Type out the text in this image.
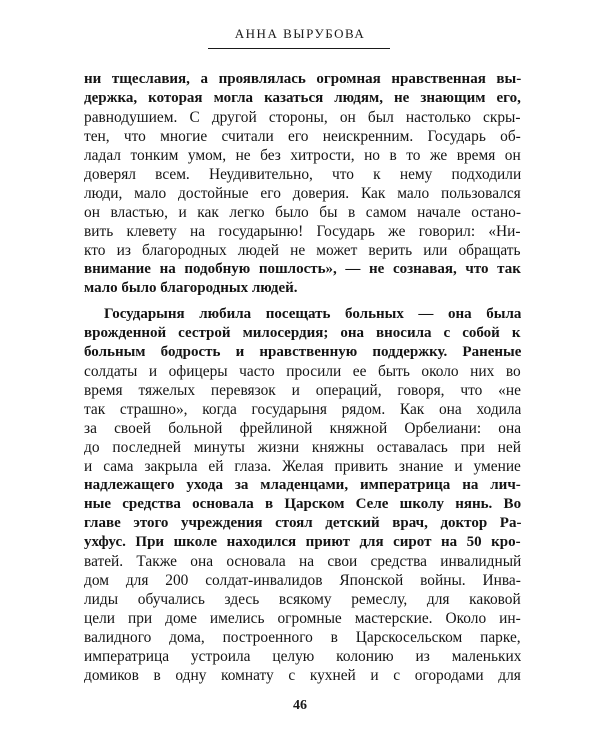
АННА ВЫРУБОВА
ни тщеславия, а проявлялась огромная нравственная вы-
держка, которая могла казаться людям, не знающим его,
равнодушием. С другой стороны, он был настолько скры-
тен, что многие считали его неискренним. Государь об-
ладал тонким умом, не без хитрости, но в то же время он
доверял всем. Неудивительно, что к нему подходили
люди, мало достойные его доверия. Как мало пользовался
он властью, и как легко было бы в самом начале остано-
вить клевету на государыню! Государь же говорил: «Ни-
кто из благородных людей не может верить или обращать
внимание на подобную пошлость», — не сознавая, что так
мало было благородных людей.
Государыня любила посещать больных — она была
врожденной сестрой милосердия; она вносила с собой к
больным бодрость и нравственную поддержку. Раненые
солдаты и офицеры часто просили ее быть около них во
время тяжелых перевязок и операций, говоря, что «не
так страшно», когда государыня рядом. Как она ходила
за своей больной фрейлиной княжной Орбелиани: она
до последней минуты жизни княжны оставалась при ней
и сама закрыла ей глаза. Желая привить знание и умение
надлежащего ухода за младенцами, императрица на лич-
ные средства основала в Царском Селе школу нянь. Во
главе этого учреждения стоял детский врач, доктор Ра-
ухфус. При школе находился приют для сирот на 50 кро-
ватей. Также она основала на свои средства инвалидный
дом для 200 солдат-инвалидов Японской войны. Инва-
лиды обучались здесь всякому ремеслу, для каковой
цели при доме имелись огромные мастерские. Около ин-
валидного дома, построенного в Царскосельском парке,
императрица устроила целую колонию из маленьких
домиков в одну комнату с кухней и с огородами для
46
